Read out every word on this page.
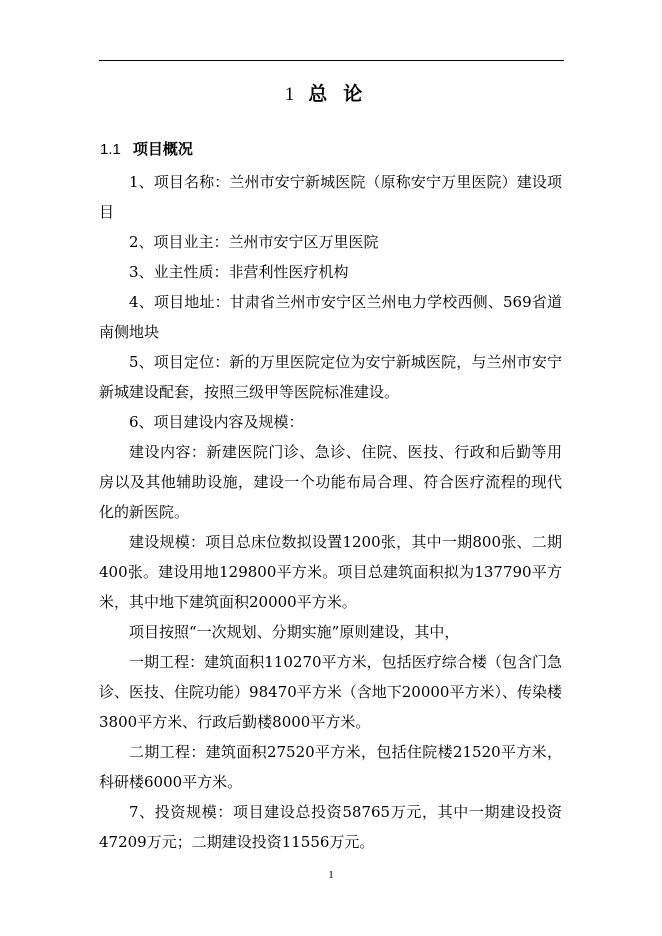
1 总论
1.1 项目概况

1、项目名称：兰州市安宁新城医院（原称安宁万里医院）建设项目

2、项目业主：兰州市安宁区万里医院

3、业主性质：非营利性医疗机构

4、项目地址：甘肃省兰州市安宁区兰州电力学校西侧、569省道南侧地块

5、项目定位：新的万里医院定位为安宁新城医院，与兰州市安宁新城建设配套，按照三级甲等医院标准建设。

6、项目建设内容及规模：

建设内容：新建医院门诊、急诊、住院、医技、行政和后勤等用房以及其他辅助设施，建设一个功能布局合理、符合医疗流程的现代化的新医院。

建设规模：项目总床位数拟设置1200张，其中一期800张、二期400张。建设用地129800平方米。项目总建筑面积拟为137790平方米，其中地下建筑面积20000平方米。

项目按照“一次规划、分期实施”原则建设，其中，

一期工程：建筑面积110270平方米，包括医疗综合楼（包含门急诊、医技、住院功能）98470平方米（含地下20000平方米）、传染楼3800平方米、行政后勤楼8000平方米。

二期工程：建筑面积27520平方米，包括住院楼21520平方米，科研楼6000平方米。

7、投资规模：项目建设总投资58765万元，其中一期建设投资47209万元；二期建设投资11556万元。

1
